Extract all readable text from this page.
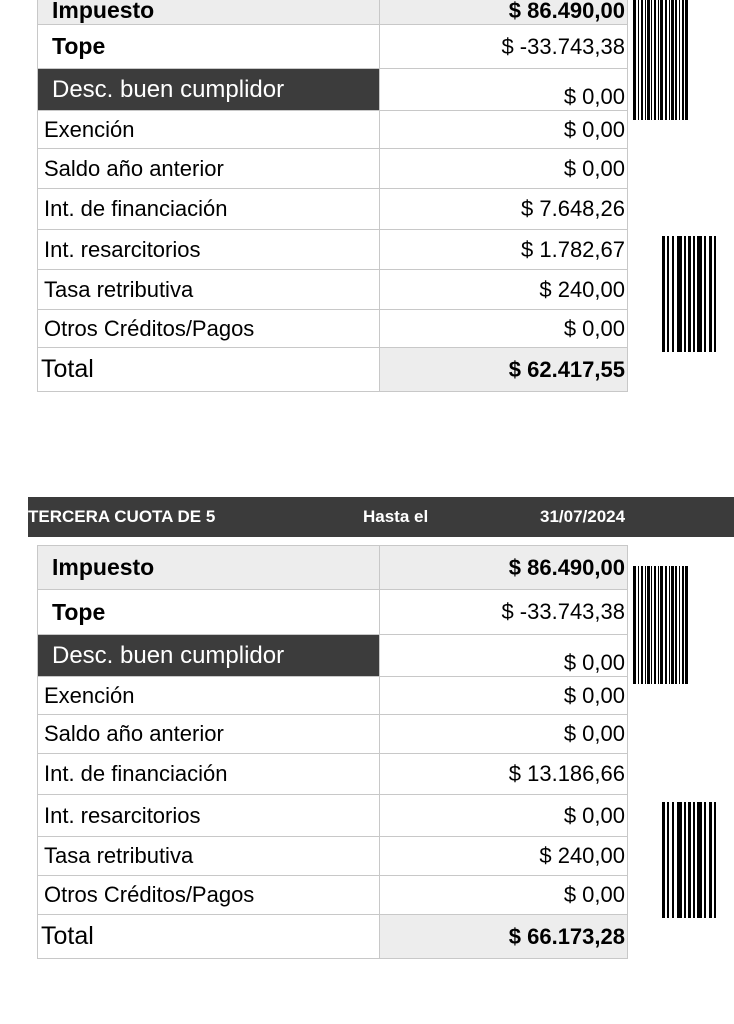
Impuesto	$ 86.490,00
Tope	$ -33.743,38
Desc. buen cumplidor	$ 0,00
Exención	$ 0,00
Saldo año anterior	$ 0,00
Int. de financiación	$ 7.648,26
Int. resarcitorios	$ 1.782,67
Tasa retributiva	$ 240,00
Otros Créditos/Pagos	$ 0,00
Total	$ 62.417,55
TERCERA CUOTA DE 5	Hasta el	31/07/2024
Impuesto	$ 86.490,00
Tope	$ -33.743,38
Desc. buen cumplidor	$ 0,00
Exención	$ 0,00
Saldo año anterior	$ 0,00
Int. de financiación	$ 13.186,66
Int. resarcitorios	$ 0,00
Tasa retributiva	$ 240,00
Otros Créditos/Pagos	$ 0,00
Total	$ 66.173,28
